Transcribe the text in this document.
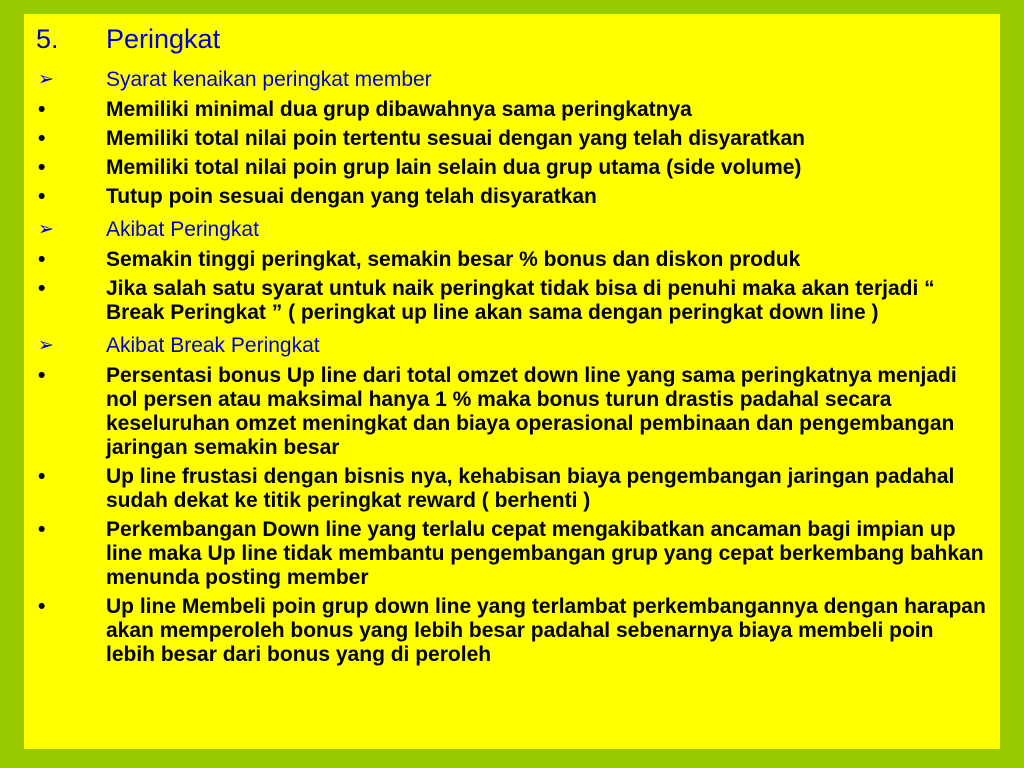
5. Peringkat
➢	Syarat kenaikan peringkat member
•	Memiliki minimal dua grup dibawahnya sama peringkatnya
•	Memiliki total nilai poin tertentu sesuai dengan yang telah disyaratkan
•	Memiliki total nilai poin grup lain selain dua grup utama (side volume)
•	Tutup poin sesuai dengan yang telah disyaratkan
➢	Akibat Peringkat
•	Semakin tinggi peringkat, semakin besar % bonus dan diskon produk
•	Jika salah satu syarat untuk naik peringkat tidak bisa di penuhi maka akan terjadi “ Break Peringkat ” ( peringkat up line akan sama dengan peringkat down line )
➢	Akibat Break Peringkat
•	Persentasi bonus Up line dari total omzet down line yang sama peringkatnya menjadi nol persen atau maksimal hanya 1 % maka bonus turun drastis padahal secara keseluruhan omzet meningkat dan biaya operasional pembinaan dan pengembangan jaringan semakin besar
•	Up line frustasi dengan bisnis nya, kehabisan biaya pengembangan jaringan padahal sudah dekat ke titik peringkat reward ( berhenti )
•	Perkembangan Down line yang terlalu cepat mengakibatkan ancaman bagi impian up line maka Up line tidak membantu pengembangan grup yang cepat berkembang bahkan menunda posting member
•	Up line Membeli poin grup down line yang terlambat perkembangannya dengan harapan akan memperoleh bonus yang lebih besar padahal sebenarnya biaya membeli poin lebih besar dari bonus yang di peroleh
